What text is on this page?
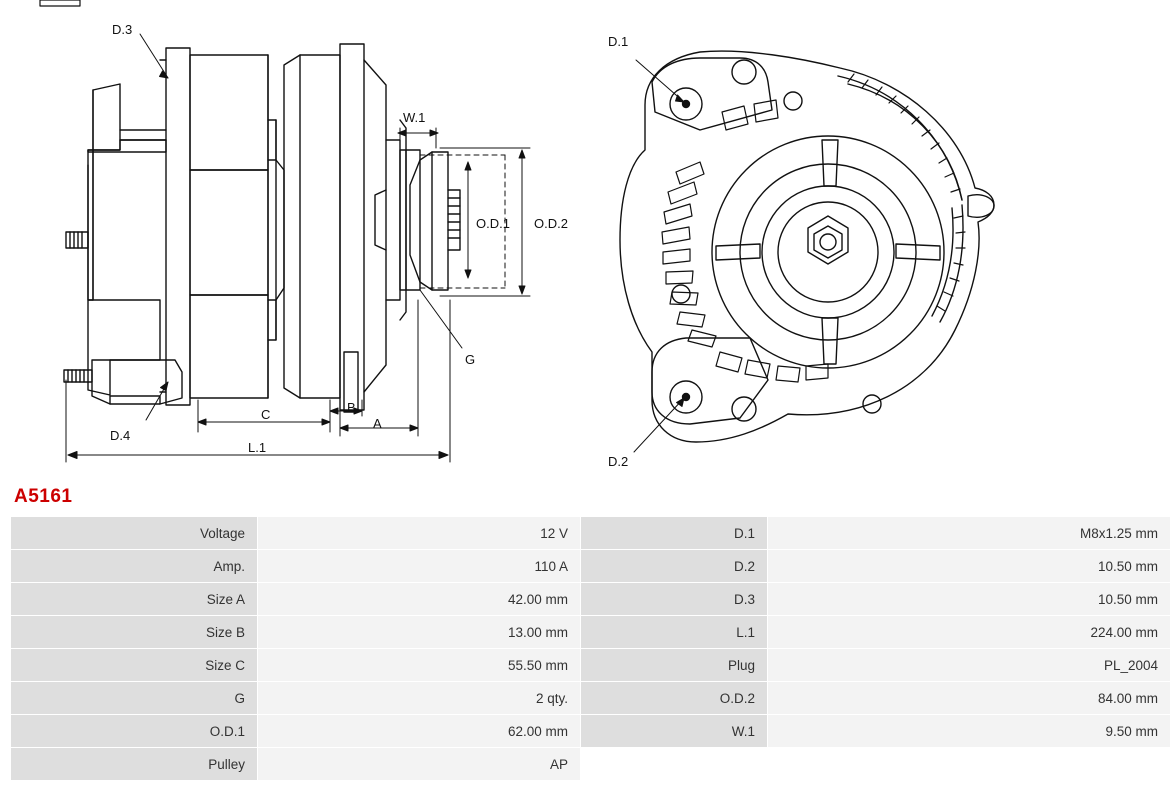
D.3
D.4
W.1
O.D.1 O.D.2
G
C	B
A
L.1
D.1
D.2
A5161
Voltage	12 V	D.1	M8x1.25 mm
Amp.	110 A	D.2	10.50 mm
Size A	42.00 mm	D.3	10.50 mm
Size B	13.00 mm	L.1	224.00 mm
Size C	55.50 mm	Plug	PL_2004
G	2 qty.	O.D.2	84.00 mm
O.D.1	62.00 mm	W.1	9.50 mm
Pulley	AP		
